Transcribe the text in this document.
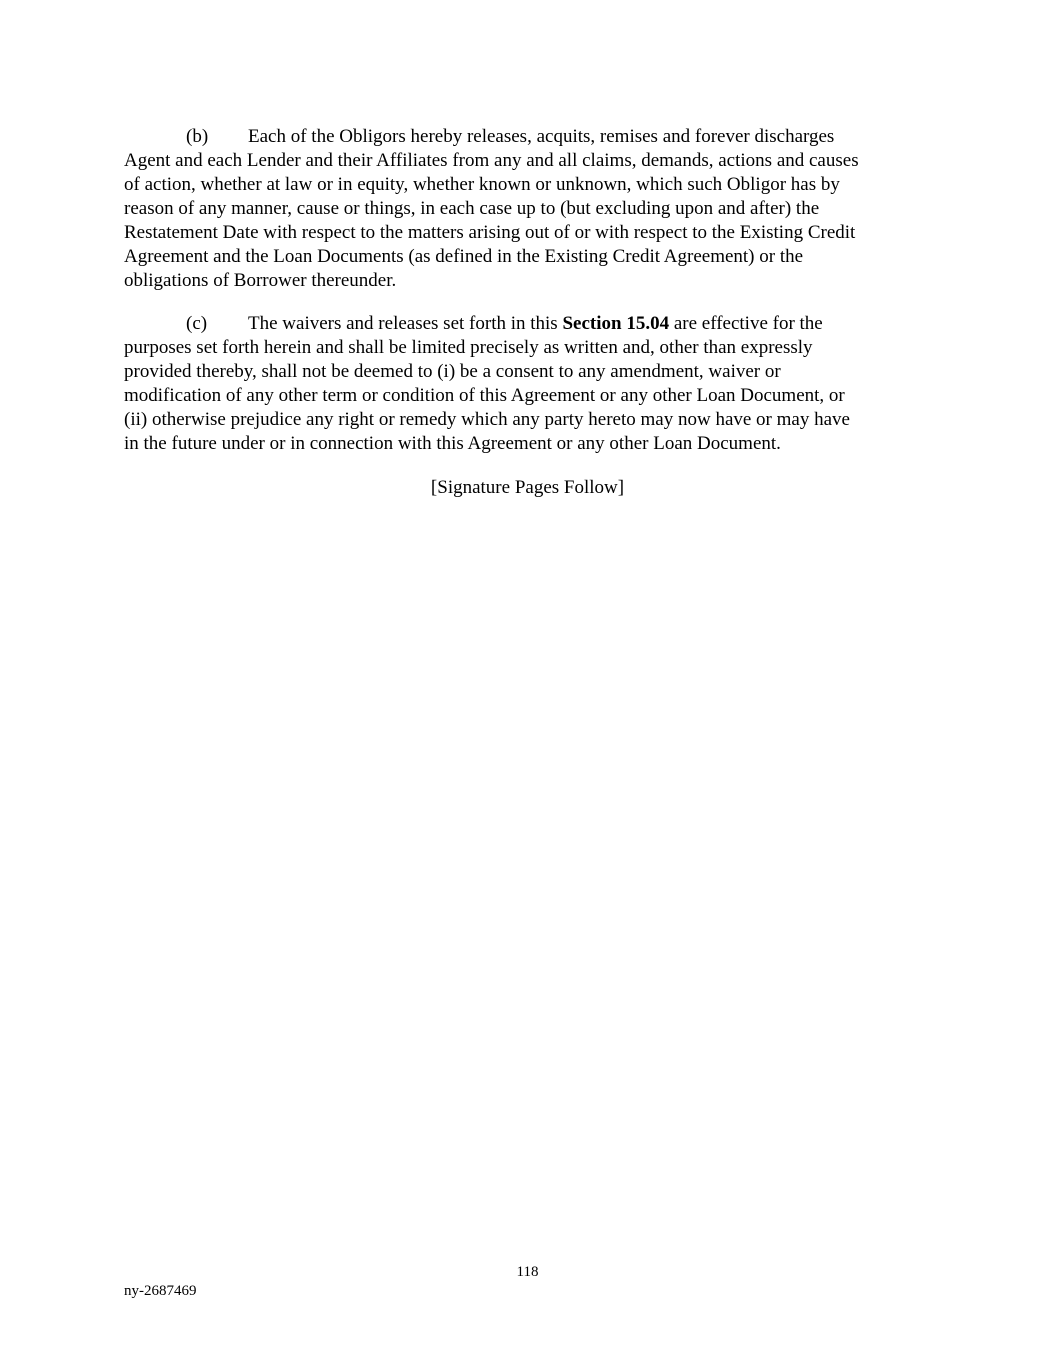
(b) Each of the Obligors hereby releases, acquits, remises and forever discharges
Agent and each Lender and their Affiliates from any and all claims, demands, actions and causes
of action, whether at law or in equity, whether known or unknown, which such Obligor has by
reason of any manner, cause or things, in each case up to (but excluding upon and after) the
Restatement Date with respect to the matters arising out of or with respect to the Existing Credit
Agreement and the Loan Documents (as defined in the Existing Credit Agreement) or the
obligations of Borrower thereunder.
(c) The waivers and releases set forth in this Section 15.04 are effective for the
purposes set forth herein and shall be limited precisely as written and, other than expressly
provided thereby, shall not be deemed to (i) be a consent to any amendment, waiver or
modification of any other term or condition of this Agreement or any other Loan Document, or
(ii) otherwise prejudice any right or remedy which any party hereto may now have or may have
in the future under or in connection with this Agreement or any other Loan Document.
[Signature Pages Follow]
118
ny-2687469
